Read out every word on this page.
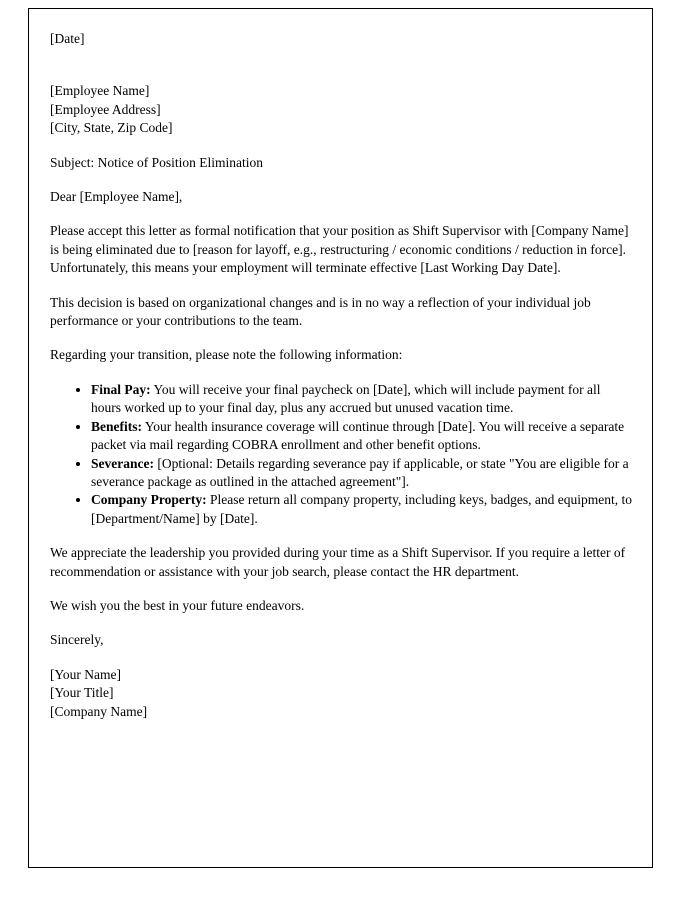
[Date]

[Employee Name]

[Employee Address]

[City, State, Zip Code]

Subject: Notice of Position Elimination

Dear [Employee Name],

Please accept this letter as formal notification that your position as Shift Supervisor with [Company Name] is being eliminated due to [reason for layoff, e.g., restructuring / economic conditions / reduction in force]. Unfortunately, this means your employment will terminate effective [Last Working Day Date].

This decision is based on organizational changes and is in no way a reflection of your individual job performance or your contributions to the team.

Regarding your transition, please note the following information:

• Final Pay: You will receive your final paycheck on [Date], which will include payment for all hours worked up to your final day, plus any accrued but unused vacation time.
• Benefits: Your health insurance coverage will continue through [Date]. You will receive a separate packet via mail regarding COBRA enrollment and other benefit options.
• Severance: [Optional: Details regarding severance pay if applicable, or state "You are eligible for a severance package as outlined in the attached agreement"].
• Company Property: Please return all company property, including keys, badges, and equipment, to [Department/Name] by [Date].

We appreciate the leadership you provided during your time as a Shift Supervisor. If you require a letter of recommendation or assistance with your job search, please contact the HR department.

We wish you the best in your future endeavors.

Sincerely,

[Your Name]

[Your Title]

[Company Name]
